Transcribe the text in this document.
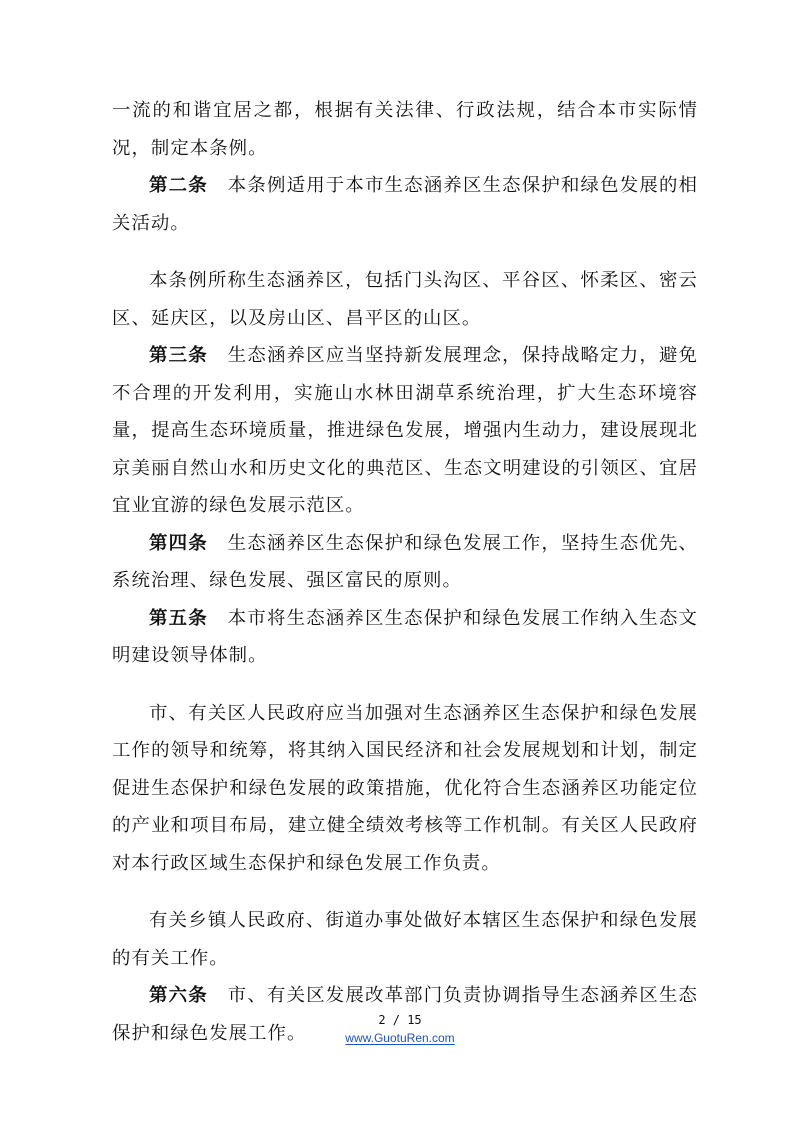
一流的和谐宜居之都，根据有关法律、行政法规，结合本市实际情况，制定本条例。

第二条 本条例适用于本市生态涵养区生态保护和绿色发展的相关活动。

本条例所称生态涵养区，包括门头沟区、平谷区、怀柔区、密云区、延庆区，以及房山区、昌平区的山区。

第三条 生态涵养区应当坚持新发展理念，保持战略定力，避免不合理的开发利用，实施山水林田湖草系统治理，扩大生态环境容量，提高生态环境质量，推进绿色发展，增强内生动力，建设展现北京美丽自然山水和历史文化的典范区、生态文明建设的引领区、宜居宜业宜游的绿色发展示范区。

第四条 生态涵养区生态保护和绿色发展工作，坚持生态优先、系统治理、绿色发展、强区富民的原则。

第五条 本市将生态涵养区生态保护和绿色发展工作纳入生态文明建设领导体制。

市、有关区人民政府应当加强对生态涵养区生态保护和绿色发展工作的领导和统筹，将其纳入国民经济和社会发展规划和计划，制定促进生态保护和绿色发展的政策措施，优化符合生态涵养区功能定位的产业和项目布局，建立健全绩效考核等工作机制。有关区人民政府对本行政区域生态保护和绿色发展工作负责。

有关乡镇人民政府、街道办事处做好本辖区生态保护和绿色发展的有关工作。

第六条 市、有关区发展改革部门负责协调指导生态涵养区生态保护和绿色发展工作。

2 / 15
www.GuotuRen.com
